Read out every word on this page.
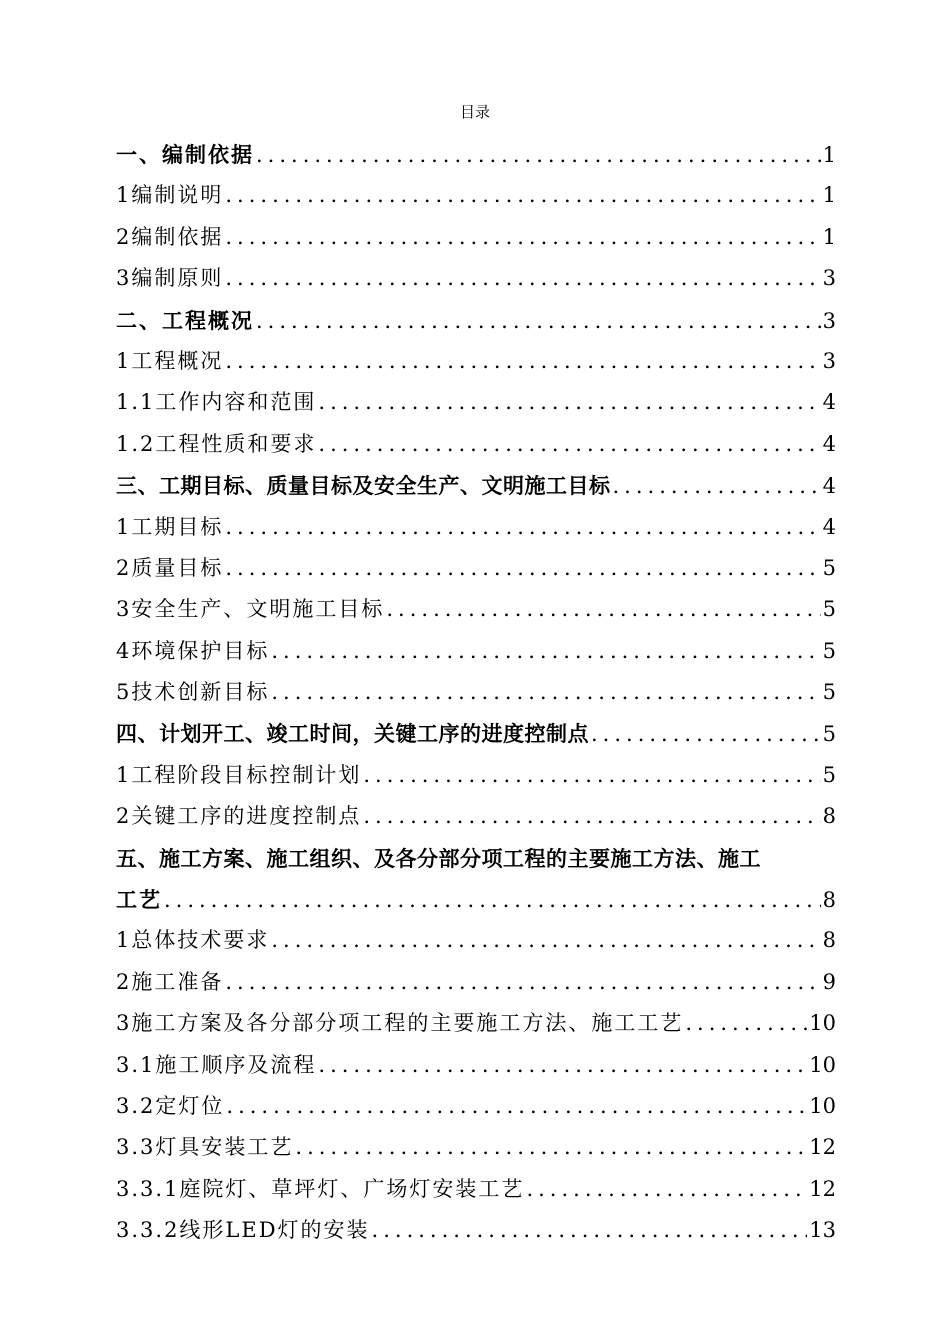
目录
一、编制依据 .....	1
1编制说明 .....	1
2编制依据 .....	1
3编制原则 .....	3
二、工程概况 .....	3
1工程概况 .....	3
1.1工作内容和范围 .....	4
1.2工程性质和要求 .....	4
三、工期目标、质量目标及安全生产、文明施工目标 .....	4
1工期目标 .....	4
2质量目标 .....	5
3安全生产、文明施工目标 .....	5
4环境保护目标 .....	5
5技术创新目标 .....	5
四、计划开工、竣工时间，关键工序的进度控制点 .....	5
1工程阶段目标控制计划 .....	5
2关键工序的进度控制点 .....	8
五、施工方案、施工组织、及各分部分项工程的主要施工方法、施工
工艺 .....	8
1总体技术要求 .....	8
2施工准备 .....	9
3施工方案及各分部分项工程的主要施工方法、施工工艺 .....	10
3.1施工顺序及流程 .....	10
3.2定灯位 .....	10
3.3灯具安装工艺 .....	12
3.3.1庭院灯、草坪灯、广场灯安装工艺 .....	12
3.3.2线形LED灯的安装 .....	13
